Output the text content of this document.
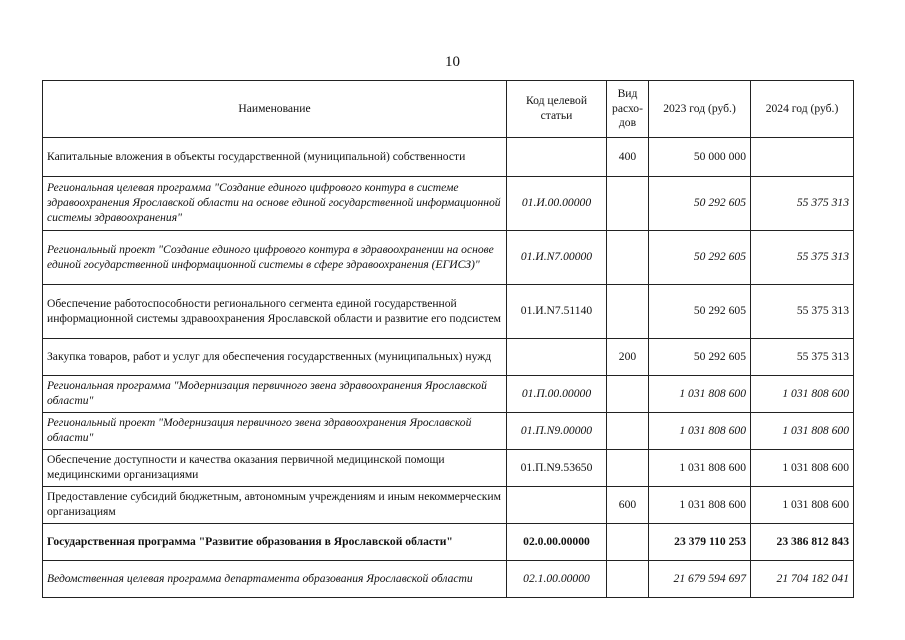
10
Наименование	Код целевой статьи	Вид расхо-дов	2023 год (руб.)	2024 год (руб.)
Капитальные вложения в объекты государственной (муниципальной) собственности		400	50 000 000	
Региональная целевая программа "Создание единого цифрового контура в системе здравоохранения Ярославской области на основе единой государственной информационной системы здравоохранения"	01.И.00.00000		50 292 605	55 375 313
Региональный проект "Создание единого цифрового контура в здравоохранении на основе единой государственной информационной системы в сфере здравоохранения (ЕГИСЗ)"	01.И.N7.00000		50 292 605	55 375 313
Обеспечение работоспособности регионального сегмента единой государственной информационной системы здравоохранения Ярославской области и развитие его подсистем	01.И.N7.51140		50 292 605	55 375 313
Закупка товаров, работ и услуг для обеспечения государственных (муниципальных) нужд		200	50 292 605	55 375 313
Региональная программа "Модернизация первичного звена здравоохранения Ярославской области"	01.П.00.00000		1 031 808 600	1 031 808 600
Региональный проект "Модернизация первичного звена здравоохранения Ярославской области"	01.П.N9.00000		1 031 808 600	1 031 808 600
Обеспечение доступности и качества оказания первичной медицинской помощи медицинскими организациями	01.П.N9.53650		1 031 808 600	1 031 808 600
Предоставление субсидий бюджетным, автономным учреждениям и иным некоммерческим организациям		600	1 031 808 600	1 031 808 600
Государственная программа "Развитие образования в Ярославской области"	02.0.00.00000		23 379 110 253	23 386 812 843
Ведомственная целевая программа департамента образования Ярославской области	02.1.00.00000		21 679 594 697	21 704 182 041
